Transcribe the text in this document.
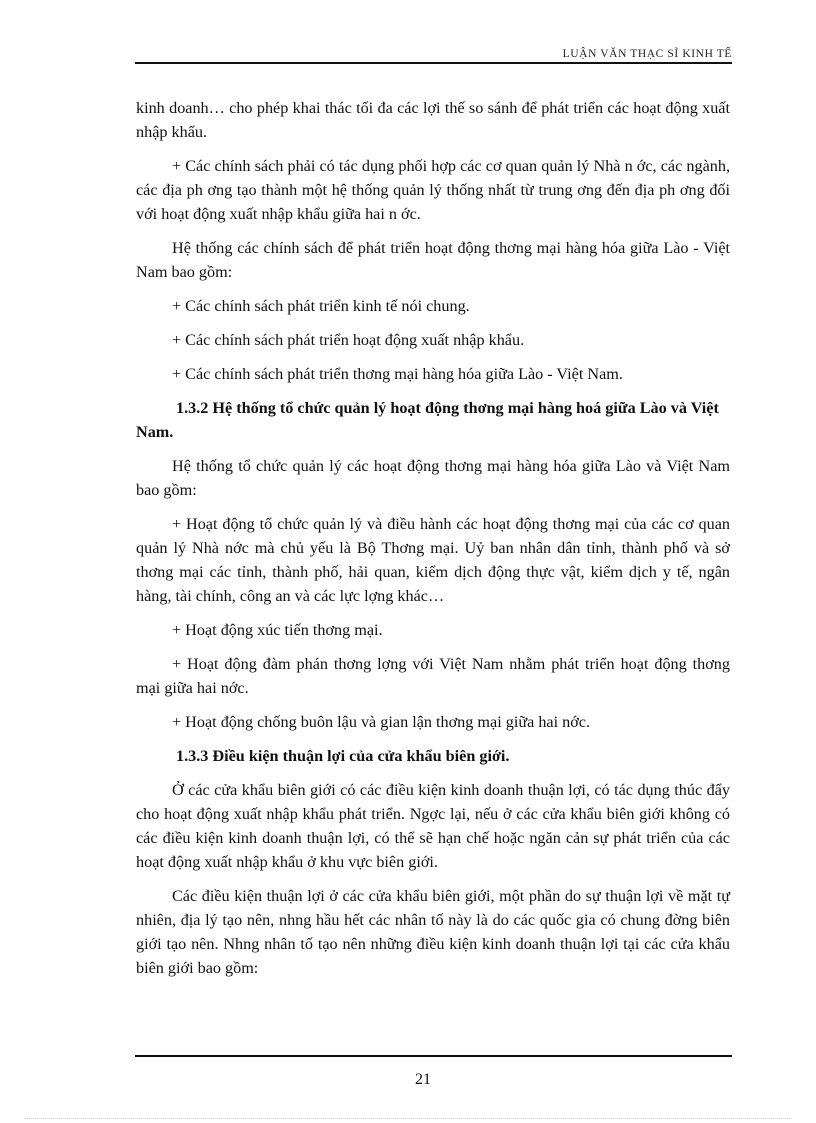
LUẬN VĂN THẠC SĨ KINH TẾ

kinh doanh… cho phép khai thác tối đa các lợi thế so sánh để phát triển các hoạt động xuất nhập khẩu.

+ Các chính sách phải có tác dụng phối hợp các cơ quan quản lý Nhà n ớc, các ngành, các địa ph ơng tạo thành một hệ thống quản lý thống nhất từ trung ơng đến địa ph ơng đối với hoạt động xuất nhập khẩu giữa hai n ớc.

Hệ thống các chính sách để phát triển hoạt động thơng mại hàng hóa giữa Lào - Việt Nam bao gồm:

+ Các chính sách phát triển kinh tế nói chung.

+ Các chính sách phát triển hoạt động xuất nhập khẩu.

+ Các chính sách phát triển thơng mại hàng hóa giữa Lào - Việt Nam.

1.3.2 Hệ thống tổ chức quản lý hoạt động thơng mại hàng hoá giữa Lào và Việt Nam.

Hệ thống tổ chức quản lý các hoạt động thơng mại hàng hóa giữa Lào và Việt Nam bao gồm:

+ Hoạt động tổ chức quản lý và điều hành các hoạt động thơng mại của các cơ quan quản lý Nhà nớc mà chủ yếu là Bộ Thơng mại. Uỷ ban nhân dân tỉnh, thành phố và sở thơng mại các tỉnh, thành phố, hải quan, kiểm dịch động thực vật, kiểm dịch y tế, ngân hàng, tài chính, công an và các lực lợng khác…

+ Hoạt động xúc tiến thơng mại.

+ Hoạt động đàm phán thơng lợng với Việt Nam nhằm phát triển hoạt động thơng mại giữa hai nớc.

+ Hoạt động chống buôn lậu và gian lận thơng mại giữa hai nớc.

1.3.3 Điều kiện thuận lợi của cửa khẩu biên giới.

Ở các cửa khẩu biên giới có các điều kiện kinh doanh thuận lợi, có tác dụng thúc đẩy cho hoạt động xuất nhập khẩu phát triển. Ngợc lại, nếu ở các cửa khẩu biên giới không có các điều kiện kinh doanh thuận lợi, có thể sẽ hạn chế hoặc ngăn cản sự phát triển của các hoạt động xuất nhập khẩu ở khu vực biên giới.

Các điều kiện thuận lợi ở các cửa khẩu biên giới, một phần do sự thuận lợi về mặt tự nhiên, địa lý tạo nên, nhng hầu hết các nhân tố này là do các quốc gia có chung đờng biên giới tạo nên. Nhng nhân tố tạo nên những điều kiện kinh doanh thuận lợi tại các cửa khẩu biên giới bao gồm:

21
